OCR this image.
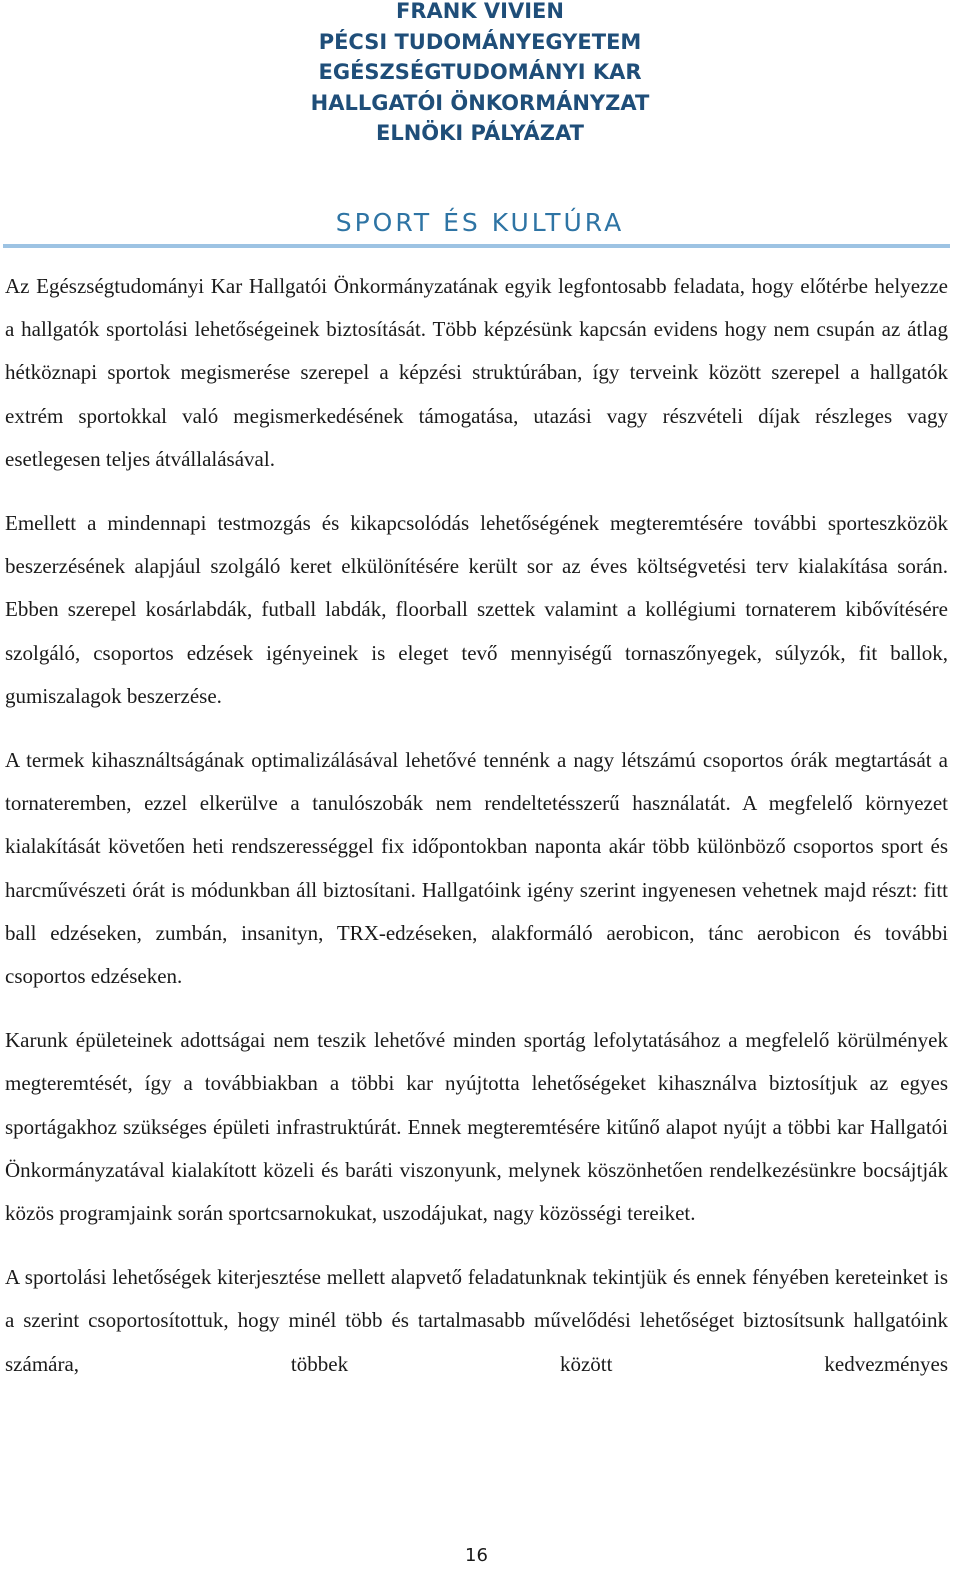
FRANK VIVIEN
PÉCSI TUDOMÁNYEGYETEM
EGÉSZSÉGTUDOMÁNYI KAR
HALLGATÓI ÖNKORMÁNYZAT
ELNÖKI PÁLYÁZAT
SPORT ÉS KULTÚRA

Az Egészségtudományi Kar Hallgatói Önkormányzatának egyik legfontosabb feladata, hogy előtérbe helyezze a hallgatók sportolási lehetőségeinek biztosítását. Több képzésünk kapcsán evidens hogy nem csupán az átlag hétköznapi sportok megismerése szerepel a képzési struktúrában, így terveink között szerepel a hallgatók extrém sportokkal való megismerkedésének támogatása, utazási vagy részvételi díjak részleges vagy esetlegesen teljes átvállalásával.

Emellett a mindennapi testmozgás és kikapcsolódás lehetőségének megteremtésére további sporteszközök beszerzésének alapjául szolgáló keret elkülönítésére került sor az éves költségvetési terv kialakítása során. Ebben szerepel kosárlabdák, futball labdák, floorball szettek valamint a kollégiumi tornaterem kibővítésére szolgáló, csoportos edzések igényeinek is eleget tevő mennyiségű tornaszőnyegek, súlyzók, fit ballok, gumiszalagok beszerzése.

A termek kihasználtságának optimalizálásával lehetővé tennénk a nagy létszámú csoportos órák megtartását a tornateremben, ezzel elkerülve a tanulószobák nem rendeltetésszerű használatát. A megfelelő környezet kialakítását követően heti rendszerességgel fix időpontokban naponta akár több különböző csoportos sport és harcművészeti órát is módunkban áll biztosítani. Hallgatóink igény szerint ingyenesen vehetnek majd részt: fitt ball edzéseken, zumbán, insanityn, TRX-edzéseken, alakformáló aerobicon, tánc aerobicon és további csoportos edzéseken.

Karunk épületeinek adottságai nem teszik lehetővé minden sportág lefolytatásához a megfelelő körülmények megteremtését, így a továbbiakban a többi kar nyújtotta lehetőségeket kihasználva biztosítjuk az egyes sportágakhoz szükséges épületi infrastruktúrát. Ennek megteremtésére kitűnő alapot nyújt a többi kar Hallgatói Önkormányzatával kialakított közeli és baráti viszonyunk, melynek köszönhetően rendelkezésünkre bocsájtják közös programjaink során sportcsarnokukat, uszodájukat, nagy közösségi tereiket.

A sportolási lehetőségek kiterjesztése mellett alapvető feladatunknak tekintjük és ennek fényében kereteinket is a szerint csoportosítottuk, hogy minél több és tartalmasabb művelődési lehetőséget biztosítsunk hallgatóink számára, többek között kedvezményes

16
